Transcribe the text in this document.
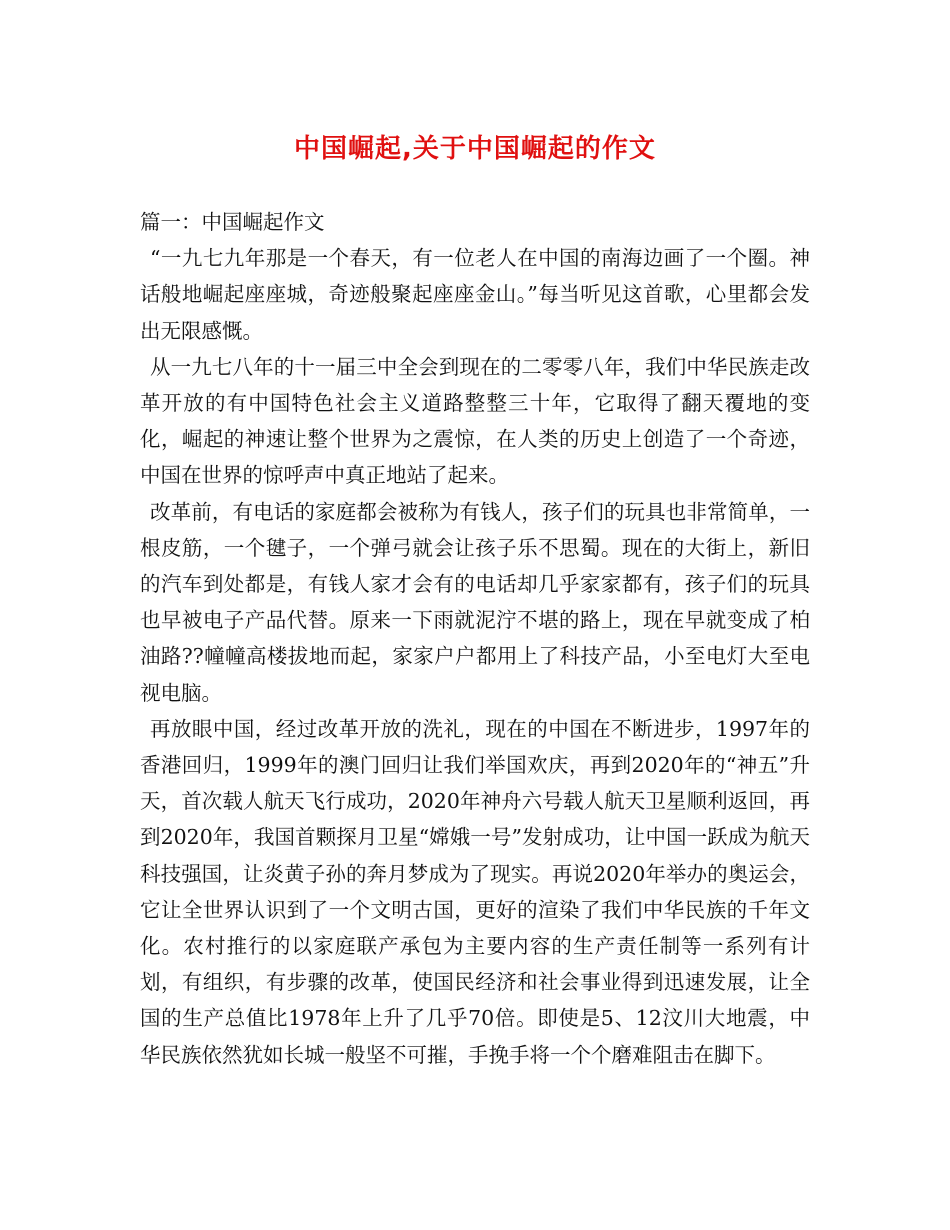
中国崛起,关于中国崛起的作文

篇一：中国崛起作文

“一九七九年那是一个春天，有一位老人在中国的南海边画了一个圈。神话般地崛起座座城，奇迹般聚起座座金山。”每当听见这首歌，心里都会发出无限感慨。

从一九七八年的十一届三中全会到现在的二零零八年，我们中华民族走改革开放的有中国特色社会主义道路整整三十年，它取得了翻天覆地的变化，崛起的神速让整个世界为之震惊，在人类的历史上创造了一个奇迹，中国在世界的惊呼声中真正地站了起来。

改革前，有电话的家庭都会被称为有钱人，孩子们的玩具也非常简单，一根皮筋，一个毽子，一个弹弓就会让孩子乐不思蜀。现在的大街上，新旧的汽车到处都是，有钱人家才会有的电话却几乎家家都有，孩子们的玩具也早被电子产品代替。原来一下雨就泥泞不堪的路上，现在早就变成了柏油路??幢幢高楼拔地而起，家家户户都用上了科技产品，小至电灯大至电视电脑。

再放眼中国，经过改革开放的洗礼，现在的中国在不断进步，1997年的香港回归，1999年的澳门回归让我们举国欢庆，再到2020年的“神五”升天，首次载人航天飞行成功，2020年神舟六号载人航天卫星顺利返回，再到2020年，我国首颗探月卫星“嫦娥一号”发射成功，让中国一跃成为航天科技强国，让炎黄子孙的奔月梦成为了现实。再说2020年举办的奥运会，它让全世界认识到了一个文明古国，更好的渲染了我们中华民族的千年文化。农村推行的以家庭联产承包为主要内容的生产责任制等一系列有计划，有组织，有步骤的改革，使国民经济和社会事业得到迅速发展，让全国的生产总值比1978年上升了几乎70倍。即使是5、12汶川大地震，中华民族依然犹如长城一般坚不可摧，手挽手将一个个磨难阻击在脚下。
